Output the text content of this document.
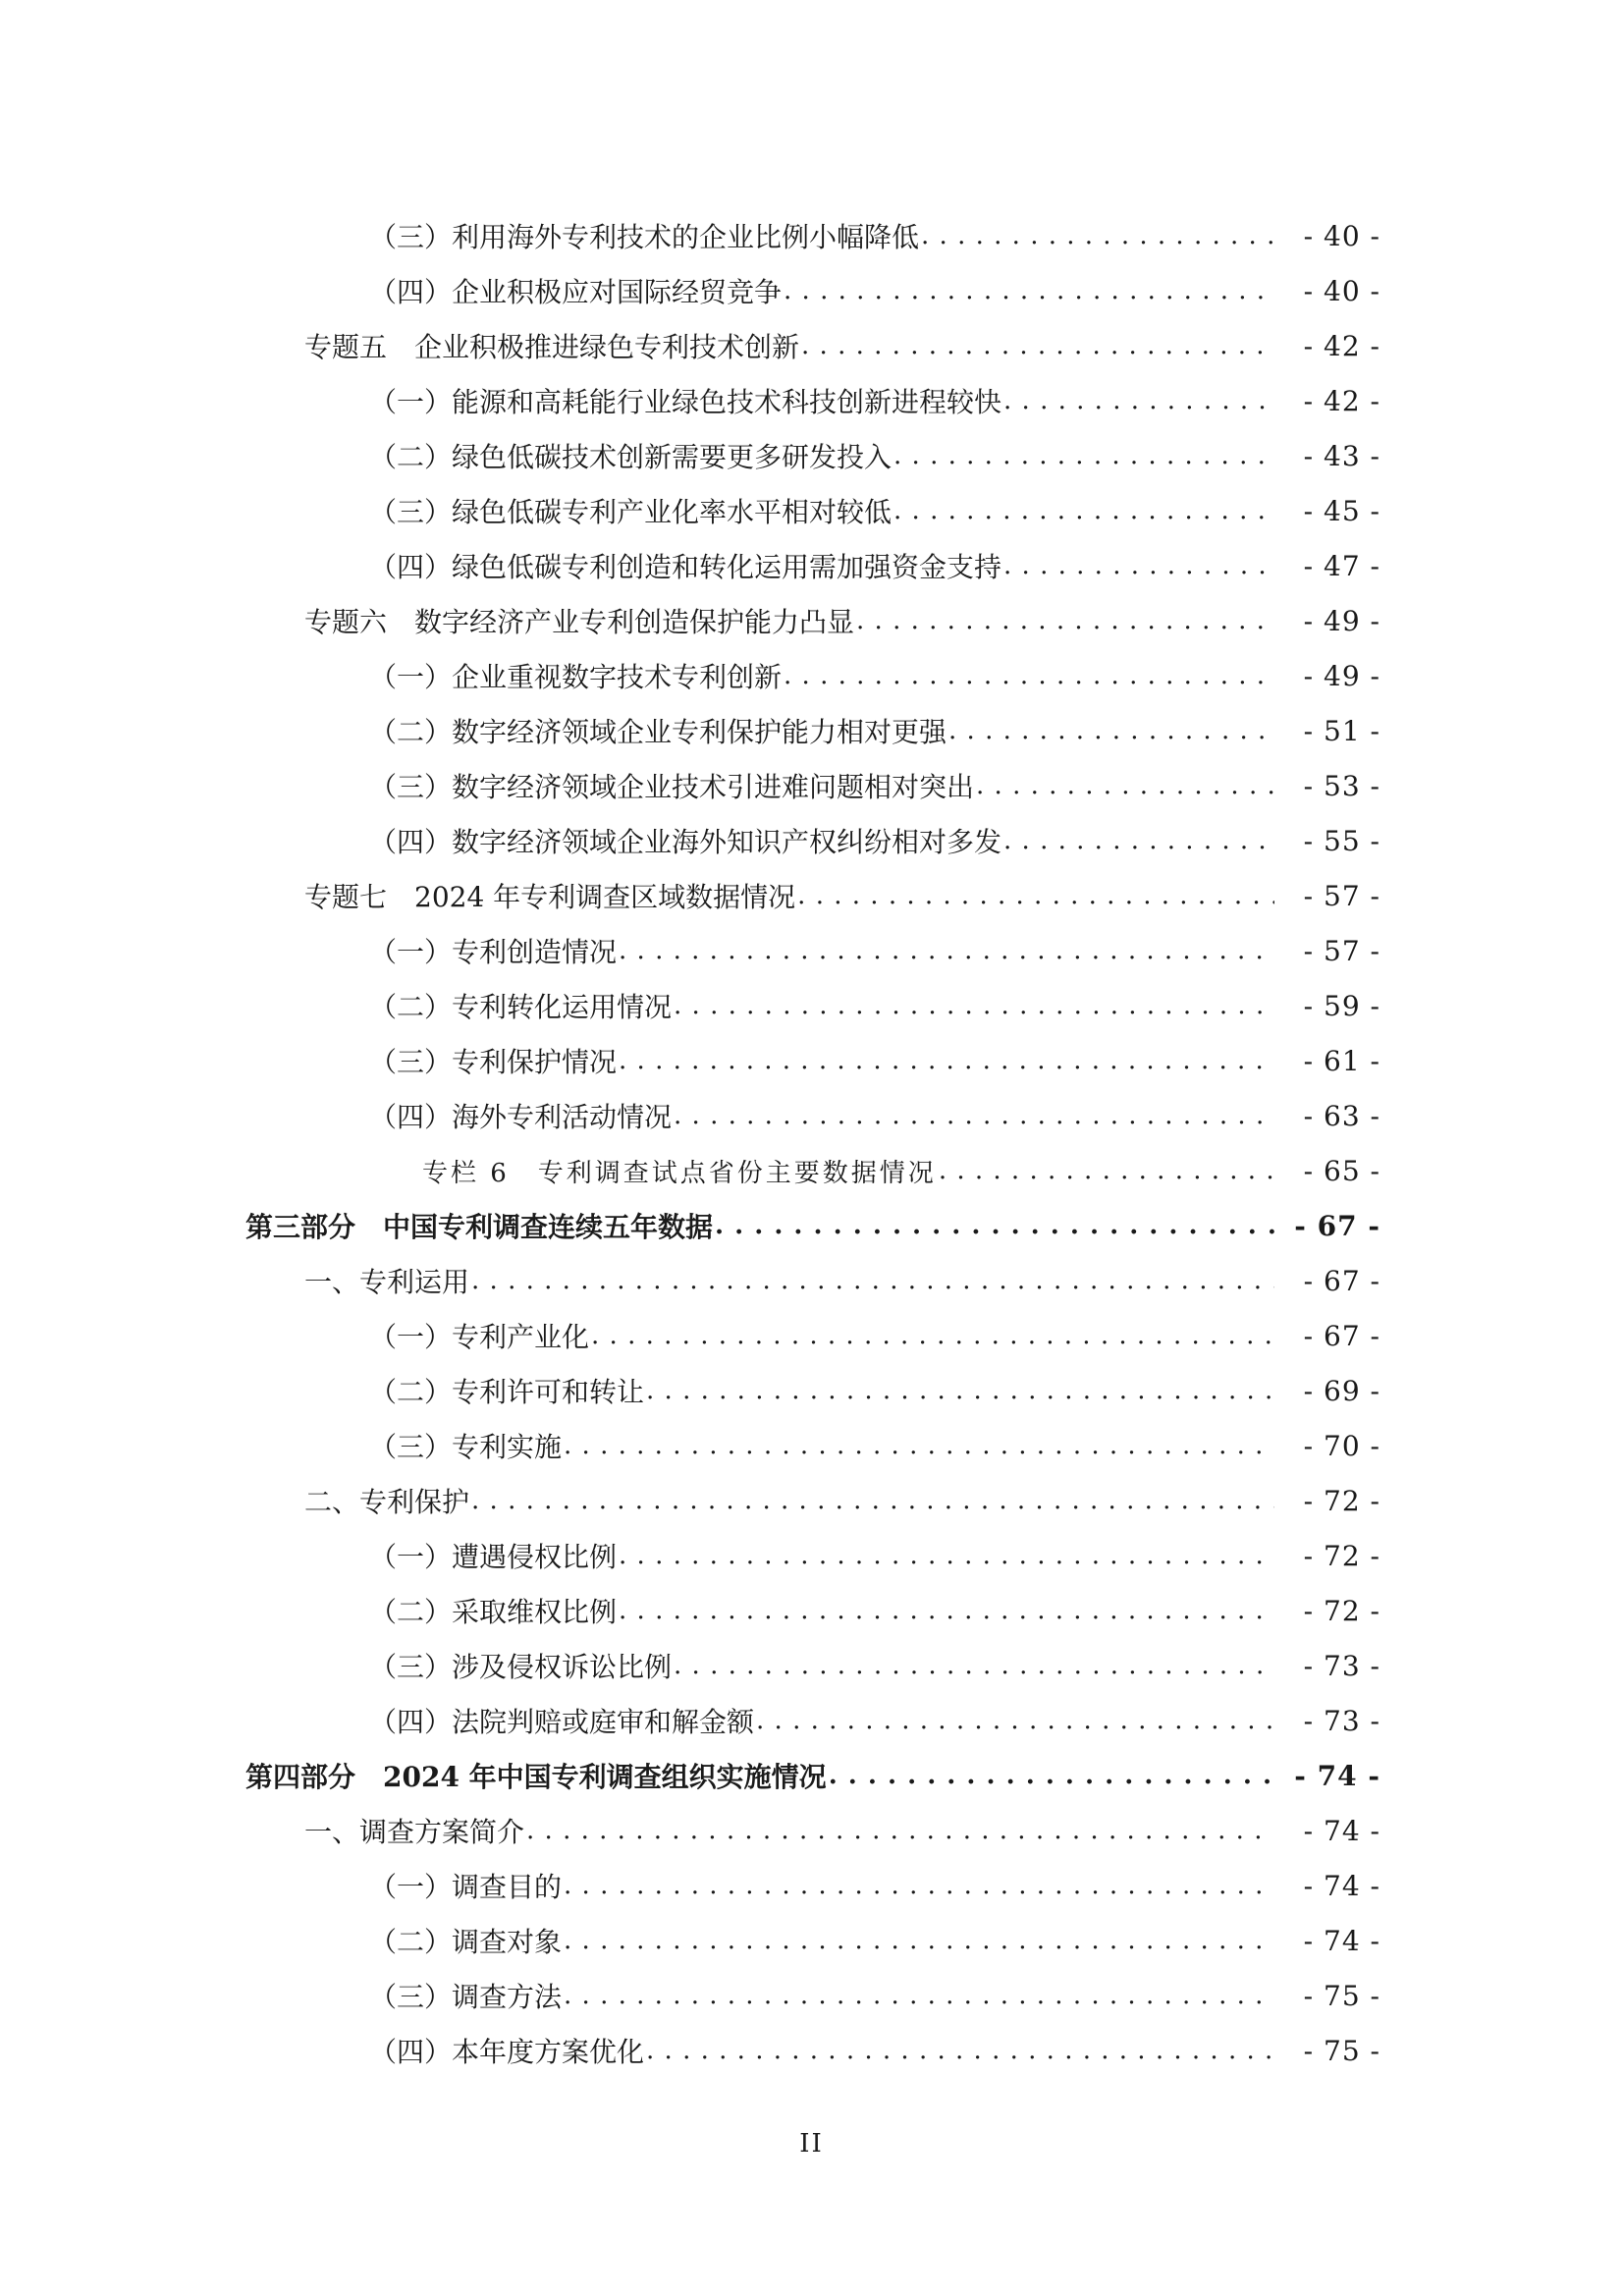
（三）利用海外专利技术的企业比例小幅降低 . . .	- 40 -
（四）企业积极应对国际经贸竞争 . . .	- 40 -
专题五　企业积极推进绿色专利技术创新 . . .	- 42 -
（一）能源和高耗能行业绿色技术科技创新进程较快 . . .	- 42 -
（二）绿色低碳技术创新需要更多研发投入 . . .	- 43 -
（三）绿色低碳专利产业化率水平相对较低 . . .	- 45 -
（四）绿色低碳专利创造和转化运用需加强资金支持 . . .	- 47 -
专题六　数字经济产业专利创造保护能力凸显 . . .	- 49 -
（一）企业重视数字技术专利创新 . . .	- 49 -
（二）数字经济领域企业专利保护能力相对更强 . . .	- 51 -
（三）数字经济领域企业技术引进难问题相对突出 . . .	- 53 -
（四）数字经济领域企业海外知识产权纠纷相对多发 . . .	- 55 -
专题七　2024 年专利调查区域数据情况 . . .	- 57 -
（一）专利创造情况 . . .	- 57 -
（二）专利转化运用情况 . . .	- 59 -
（三）专利保护情况 . . .	- 61 -
（四）海外专利活动情况 . . .	- 63 -
专栏 6　专利调查试点省份主要数据情况 . . .	- 65 -
第三部分　中国专利调查连续五年数据 . . .	- 67 -
一、专利运用 . . .	- 67 -
（一）专利产业化 . . .	- 67 -
（二）专利许可和转让 . . .	- 69 -
（三）专利实施 . . .	- 70 -
二、专利保护 . . .	- 72 -
（一）遭遇侵权比例 . . .	- 72 -
（二）采取维权比例 . . .	- 72 -
（三）涉及侵权诉讼比例 . . .	- 73 -
（四）法院判赔或庭审和解金额 . . .	- 73 -
第四部分　2024 年中国专利调查组织实施情况 . . .	- 74 -
一、调查方案简介 . . .	- 74 -
（一）调查目的 . . .	- 74 -
（二）调查对象 . . .	- 74 -
（三）调查方法 . . .	- 75 -
（四）本年度方案优化 . . .	- 75 -
II
